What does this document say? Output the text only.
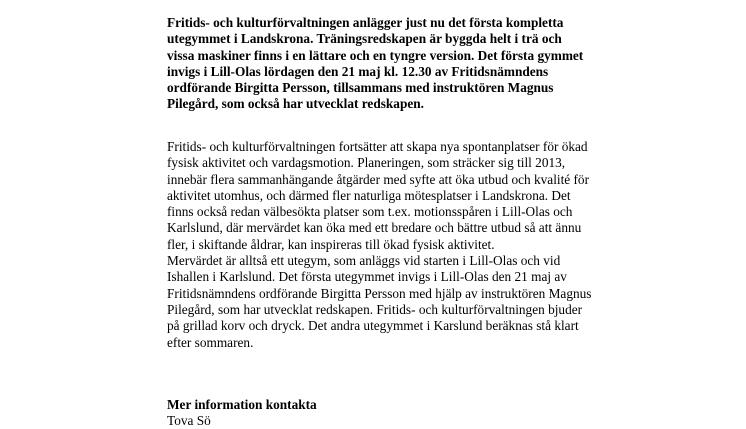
Fritids- och kulturförvaltningen anlägger just nu det första kompletta
utegymmet i Landskrona. Träningsredskapen är byggda helt i trä och
vissa maskiner finns i en lättare och en tyngre version. Det första gymmet
invigs i Lill-Olas lördagen den 21 maj kl. 12.30 av Fritidsnämndens
ordförande Birgitta Persson, tillsammans med instruktören Magnus
Pilegård, som också har utvecklat redskapen.

Fritids- och kulturförvaltningen fortsätter att skapa nya spontanplatser för ökad
fysisk aktivitet och vardagsmotion. Planeringen, som sträcker sig till 2013,
innebär flera sammanhängande åtgärder med syfte att öka utbud och kvalité för
aktivitet utomhus, och därmed fler naturliga mötesplatser i Landskrona. Det
finns också redan välbesökta platser som t.ex. motionsspåren i Lill-Olas och
Karlslund, där mervärdet kan öka med ett bredare och bättre utbud så att ännu
fler, i skiftande åldrar, kan inspireras till ökad fysisk aktivitet.
Mervärdet är alltså ett utegym, som anläggs vid starten i Lill-Olas och vid
Ishallen i Karlslund. Det första utegymmet invigs i Lill-Olas den 21 maj av
Fritidsnämndens ordförande Birgitta Persson med hjälp av instruktören Magnus
Pilegård, som har utvecklat redskapen. Fritids- och kulturförvaltningen bjuder
på grillad korv och dryck. Det andra utegymmet i Karslund beräknas stå klart
efter sommaren.

Mer information kontakta

Tova Sö
